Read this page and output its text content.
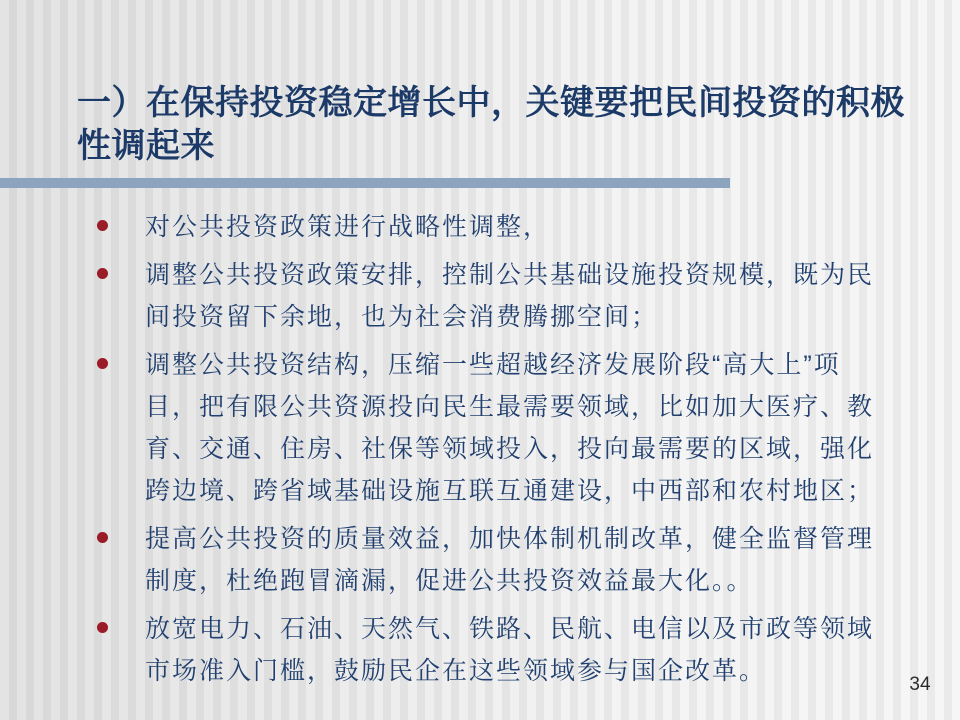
一）在保持投资稳定增长中，关键要把民间投资的积极
性调起来
对公共投资政策进行战略性调整，
调整公共投资政策安排，控制公共基础设施投资规模，既为民
间投资留下余地，也为社会消费腾挪空间；
调整公共投资结构，压缩一些超越经济发展阶段“高大上”项
目，把有限公共资源投向民生最需要领域，比如加大医疗、教
育、交通、住房、社保等领域投入，投向最需要的区域，强化
跨边境、跨省域基础设施互联互通建设，中西部和农村地区；
提高公共投资的质量效益，加快体制机制改革，健全监督管理
制度，杜绝跑冒滴漏，促进公共投资效益最大化。。
放宽电力、石油、天然气、铁路、民航、电信以及市政等领域
市场准入门槛，鼓励民企在这些领域参与国企改革。	34
